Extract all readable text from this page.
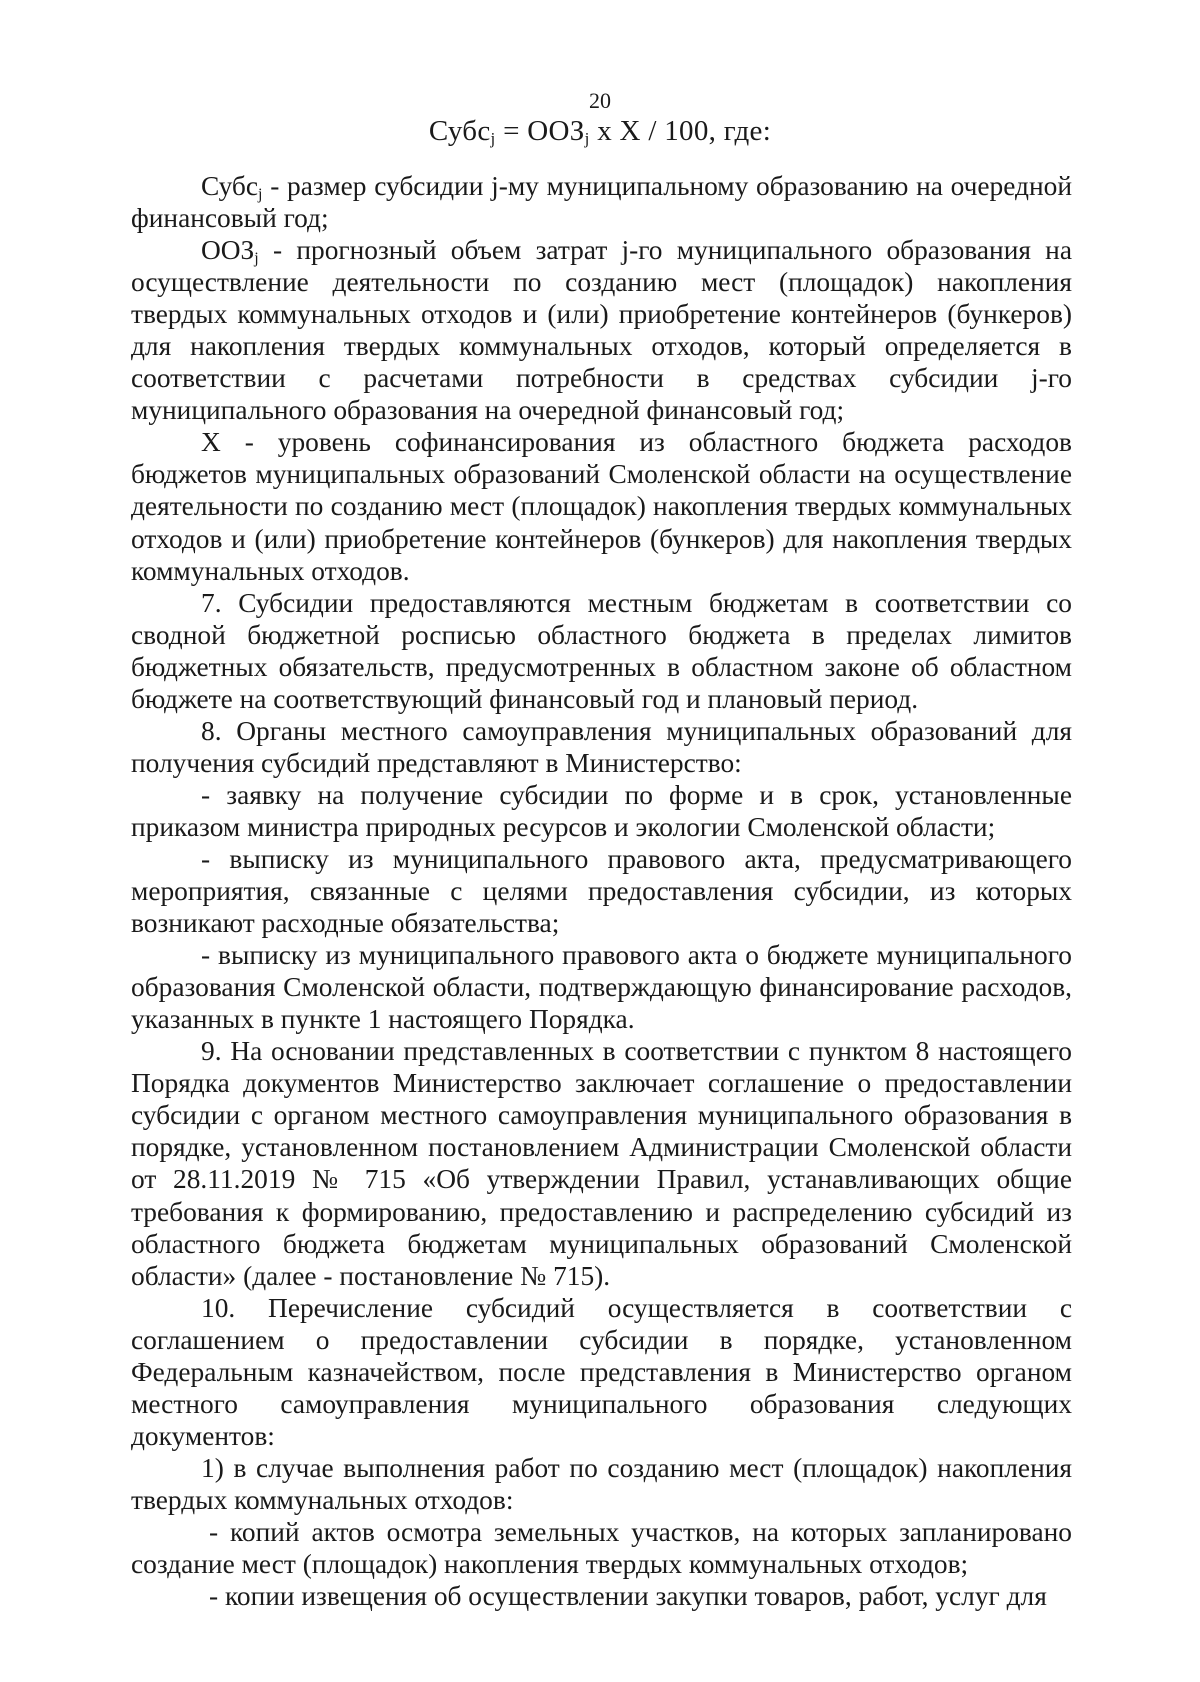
20
Субс$_j$ = $ООЗ_j$ x X / 100, где:

Субс$_j$ - размер субсидии j-му муниципальному образованию на очередной финансовый год;

$ООЗ_j$ - прогнозный объем затрат j-го муниципального образования на осуществление деятельности по созданию мест (площадок) накопления твердых коммунальных отходов и (или) приобретение контейнеров (бункеров) для накопления твердых коммунальных отходов, который определяется в соответствии с расчетами потребности в средствах субсидии j-го муниципального образования на очередной финансовый год;

X - уровень софинансирования из областного бюджета расходов бюджетов муниципальных образований Смоленской области на осуществление деятельности по созданию мест (площадок) накопления твердых коммунальных отходов и (или) приобретение контейнеров (бункеров) для накопления твердых коммунальных отходов.

7. Субсидии предоставляются местным бюджетам в соответствии со сводной бюджетной росписью областного бюджета в пределах лимитов бюджетных обязательств, предусмотренных в областном законе об областном бюджете на соответствующий финансовый год и плановый период.

8. Органы местного самоуправления муниципальных образований для получения субсидий представляют в Министерство:

- заявку на получение субсидии по форме и в срок, установленные приказом министра природных ресурсов и экологии Смоленской области;

- выписку из муниципального правового акта, предусматривающего мероприятия, связанные с целями предоставления субсидии, из которых возникают расходные обязательства;

- выписку из муниципального правового акта о бюджете муниципального образования Смоленской области, подтверждающую финансирование расходов, указанных в пункте 1 настоящего Порядка.

9. На основании представленных в соответствии с пунктом 8 настоящего Порядка документов Министерство заключает соглашение о предоставлении субсидии с органом местного самоуправления муниципального образования в порядке, установленном постановлением Администрации Смоленской области от 28.11.2019 № 715 «Об утверждении Правил, устанавливающих общие требования к формированию, предоставлению и распределению субсидий из областного бюджета бюджетам муниципальных образований Смоленской области» (далее - постановление № 715).

10. Перечисление субсидий осуществляется в соответствии с соглашением о предоставлении субсидии в порядке, установленном Федеральным казначейством, после представления в Министерство органом местного самоуправления муниципального образования следующих документов:

1) в случае выполнения работ по созданию мест (площадок) накопления твердых коммунальных отходов:

- копий актов осмотра земельных участков, на которых запланировано создание мест (площадок) накопления твердых коммунальных отходов;

- копии извещения об осуществлении закупки товаров, работ, услуг для
